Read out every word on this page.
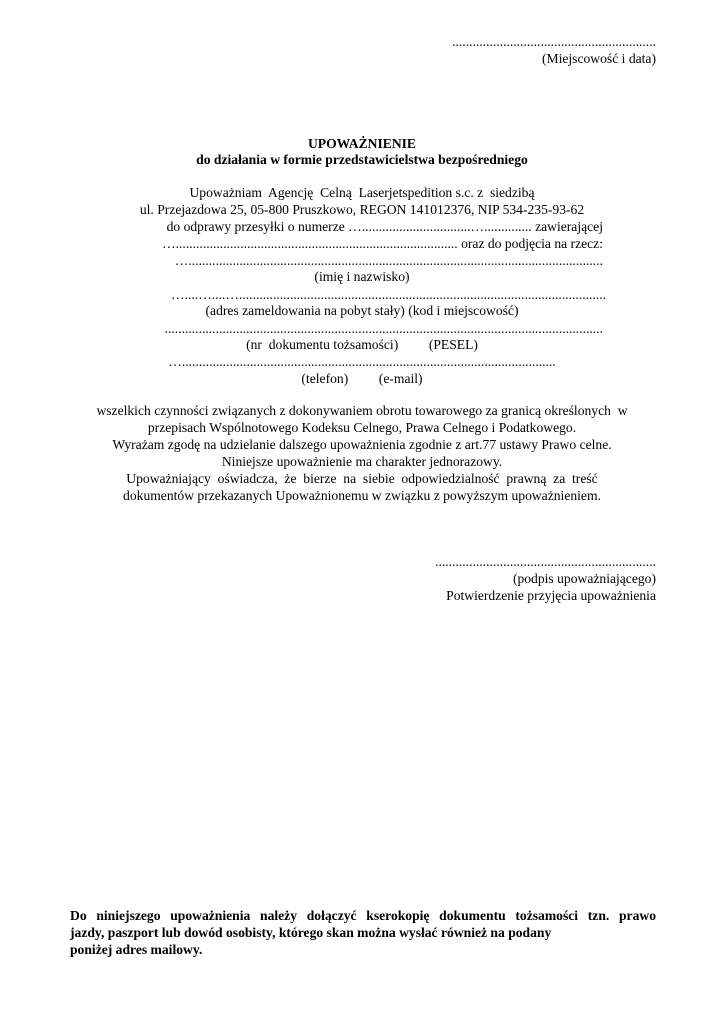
............................................................
(Miejscowość i data)
UPOWAŻNIENIE
do działania w formie przedstawicielstwa bezpośredniego
Upoważniam  Agencję  Celną  Laserjetspedition s.c. z  siedzibą
ul. Przejazdowa 25, 05-800 Pruszkowo, REGON 141012376, NIP 534-235-93-62
do odprawy przesyłki o numerze …................................….............. zawierającej
…................................................................................... oraz do podjęcia na rzecz:
…..........................................................................................................................
(imię i nazwisko)
…....…....…............................................................................................................
(adres zameldowania na pobyt stały) (kod i miejscowość)
.................................................................................................................................
(nr  dokumentu tożsamości)         (PESEL)
…..............................................................................................................
(telefon)         (e-mail)
wszelkich czynności związanych z dokonywaniem obrotu towarowego za granicą określonych  w
przepisach Wspólnotowego Kodeksu Celnego, Prawa Celnego i Podatkowego.
Wyrażam zgodę na udzielanie dalszego upoważnienia zgodnie z art.77 ustawy Prawo celne.
Niniejsze upoważnienie ma charakter jednorazowy.
Upoważniający  oświadcza,  że  bierze  na  siebie  odpowiedzialność  prawną  za  treść
dokumentów przekazanych Upoważnionemu w związku z powyższym upoważnieniem.
.................................................................
(podpis upoważniającego)
Potwierdzenie przyjęcia upoważnienia
Do niniejszego upoważnienia należy dołączyć kserokopię dokumentu tożsamości tzn. prawo
jazdy, paszport lub dowód osobisty, którego skan można wysłać również na podany
poniżej adres mailowy.
